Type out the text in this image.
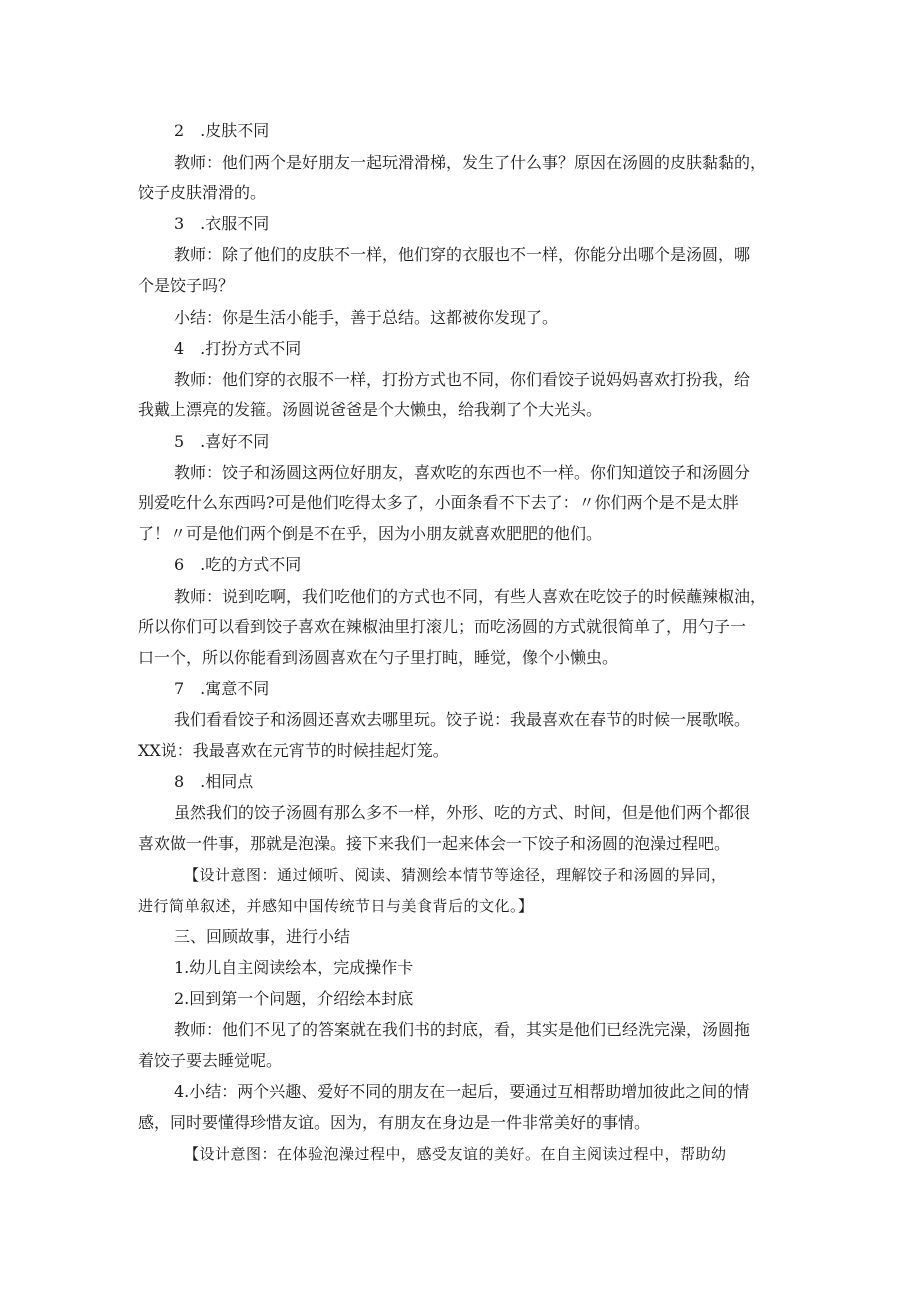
2　.皮肤不同
教师：他们两个是好朋友一起玩滑滑梯，发生了什么事？原因在汤圆的皮肤黏黏的，
饺子皮肤滑滑的。
3　.衣服不同
教师：除了他们的皮肤不一样，他们穿的衣服也不一样，你能分出哪个是汤圆，哪
个是饺子吗？
小结：你是生活小能手，善于总结。这都被你发现了。
4　.打扮方式不同
教师：他们穿的衣服不一样，打扮方式也不同，你们看饺子说妈妈喜欢打扮我，给
我戴上漂亮的发箍。汤圆说爸爸是个大懒虫，给我剃了个大光头。
5　.喜好不同
教师：饺子和汤圆这两位好朋友，喜欢吃的东西也不一样。你们知道饺子和汤圆分
别爱吃什么东西吗?可是他们吃得太多了，小面条看不下去了：〃你们两个是不是太胖
了！〃可是他们两个倒是不在乎，因为小朋友就喜欢肥肥的他们。
6　.吃的方式不同
教师：说到吃啊，我们吃他们的方式也不同，有些人喜欢在吃饺子的时候蘸辣椒油，
所以你们可以看到饺子喜欢在辣椒油里打滚儿；而吃汤圆的方式就很简单了，用勺子一
口一个，所以你能看到汤圆喜欢在勺子里打盹，睡觉，像个小懒虫。
7　.寓意不同
我们看看饺子和汤圆还喜欢去哪里玩。饺子说：我最喜欢在春节的时候一展歌喉。
XX说：我最喜欢在元宵节的时候挂起灯笼。
8　.相同点
虽然我们的饺子汤圆有那么多不一样，外形、吃的方式、时间，但是他们两个都很
喜欢做一件事，那就是泡澡。接下来我们一起来体会一下饺子和汤圆的泡澡过程吧。
【设计意图：通过倾听、阅读、猜测绘本情节等途径，理解饺子和汤圆的异同，
进行简单叙述，并感知中国传统节日与美食背后的文化。】
三、回顾故事，进行小结
1.幼儿自主阅读绘本，完成操作卡
2.回到第一个问题，介绍绘本封底
教师：他们不见了的答案就在我们书的封底，看，其实是他们已经洗完澡，汤圆拖
着饺子要去睡觉呢。
4.小结：两个兴趣、爱好不同的朋友在一起后，要通过互相帮助增加彼此之间的情
感，同时要懂得珍惜友谊。因为，有朋友在身边是一件非常美好的事情。
【设计意图：在体验泡澡过程中，感受友谊的美好。在自主阅读过程中，帮助幼
